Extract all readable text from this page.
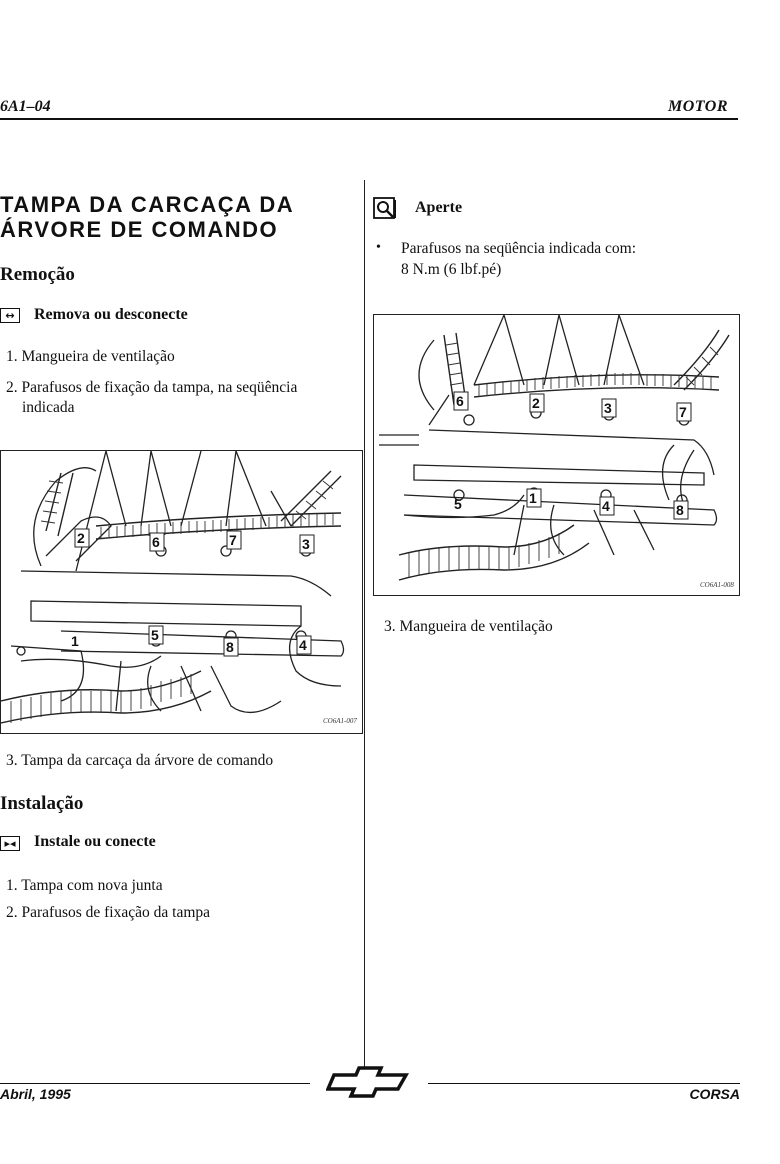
6A1–04	MOTOR
TAMPA DA CARCAÇA DA
ÁRVORE DE COMANDO
Remoção
↔	Remova ou desconecte
1. Mangueira de ventilação
2. Parafusos de fixação da tampa, na seqüência
indicada
2	6	7	3
1	5
8	4
CO6A1-007
3. Tampa da carcaça da árvore de comando
Instalação
▸◂ Instale ou conecte
1. Tampa com nova junta
2. Parafusos de fixação da tampa
Aperte
• Parafusos na seqüência indicada com:
8 N.m (6 lbf.pé)
6	2	3	7
5	1	4	8
CO6A1-008
3. Mangueira de ventilação
Abril, 1995	CORSA
